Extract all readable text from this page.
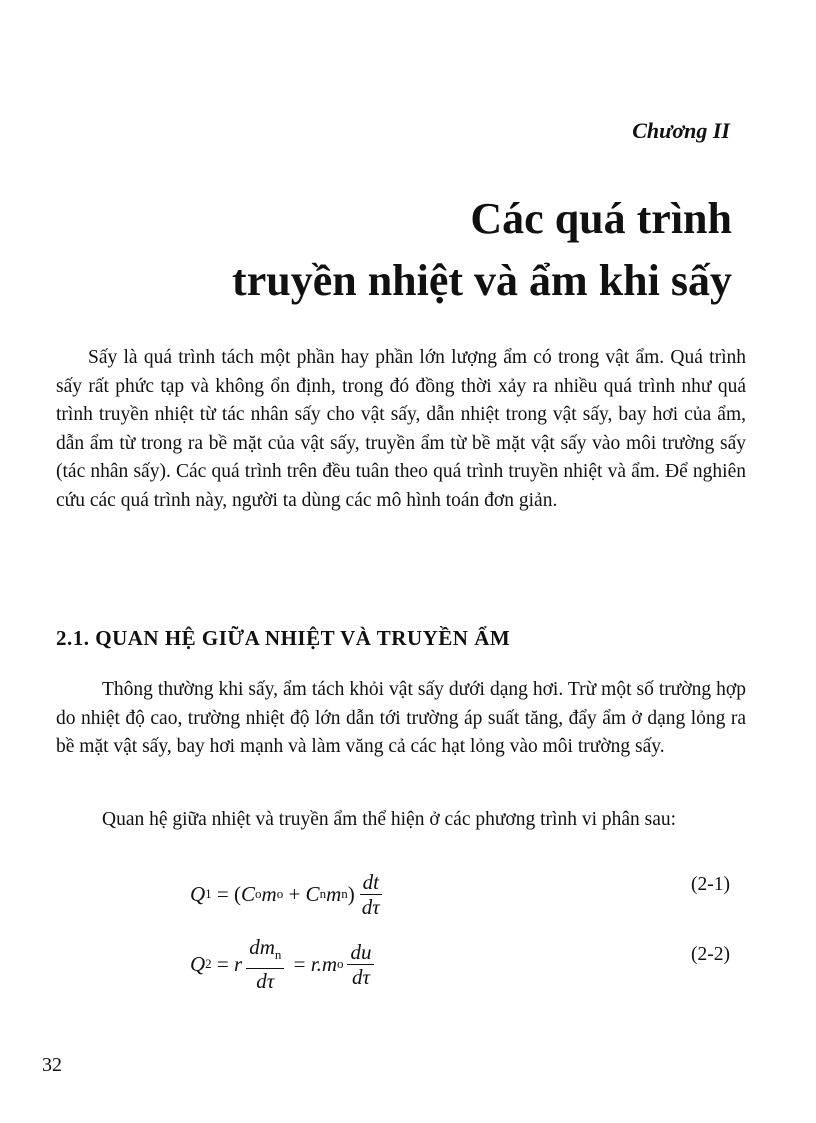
Chương II
Các quá trình
truyền nhiệt và ẩm khi sấy

Sấy là quá trình tách một phần hay phần lớn lượng ẩm có trong vật ẩm. Quá trình sấy rất phức tạp và không ổn định, trong đó đồng thời xảy ra nhiều quá trình như quá trình truyền nhiệt từ tác nhân sấy cho vật sấy, dẫn nhiệt trong vật sấy, bay hơi của ẩm, dẫn ẩm từ trong ra bề mặt của vật sấy, truyền ẩm từ bề mặt vật sấy vào môi trường sấy (tác nhân sấy). Các quá trình trên đều tuân theo quá trình truyền nhiệt và ẩm. Để nghiên cứu các quá trình này, người ta dùng các mô hình toán đơn giản.

2.1. QUAN HỆ GIỮA NHIỆT VÀ TRUYỀN ẨM

Thông thường khi sấy, ẩm tách khỏi vật sấy dưới dạng hơi. Trừ một số trường hợp do nhiệt độ cao, trường nhiệt độ lớn dẫn tới trường áp suất tăng, đẩy ẩm ở dạng lỏng ra bề mặt vật sấy, bay hơi mạnh và làm văng cả các hạt lỏng vào môi trường sấy.

Quan hệ giữa nhiệt và truyền ẩm thể hiện ở các phương trình vi phân sau:

Q 1 = ( C o m o + C n m n ) $\frac{dt}{d\tau}$	(2-1)
Q 2 = r $\frac{dm_n}{d\tau} = r.m$ o $\frac{du}{d\tau}$	(2-2)
32
